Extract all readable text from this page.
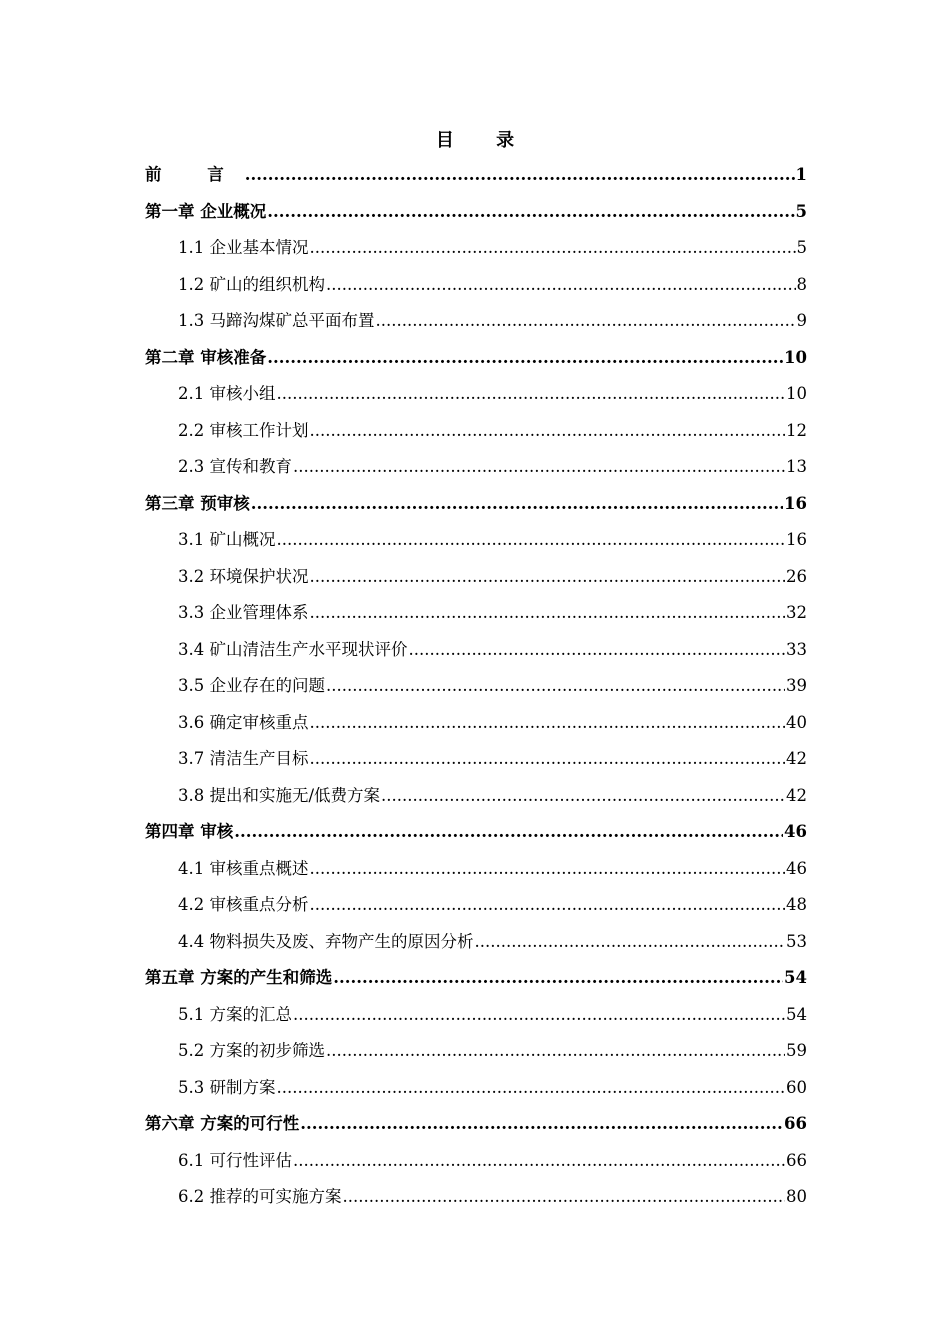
目 录
前 言 .....	1
第一章 企业概况 .....	5
1.1 企业基本情况 .....	5
1.2 矿山的组织机构 .....	8
1.3 马蹄沟煤矿总平面布置 .....	9
第二章 审核准备 .....	10
2.1 审核小组 .....	10
2.2 审核工作计划 .....	12
2.3 宣传和教育 .....	13
第三章 预审核 .....	16
3.1 矿山概况 .....	16
3.2 环境保护状况 .....	26
3.3 企业管理体系 .....	32
3.4 矿山清洁生产水平现状评价 .....	33
3.5 企业存在的问题 .....	39
3.6 确定审核重点 .....	40
3.7 清洁生产目标 .....	42
3.8 提出和实施无/低费方案 .....	42
第四章 审核 .....	46
4.1 审核重点概述 .....	46
4.2 审核重点分析 .....	48
4.4 物料损失及废、弃物产生的原因分析 .....	53
第五章 方案的产生和筛选 .....	54
5.1 方案的汇总 .....	54
5.2 方案的初步筛选 .....	59
5.3 研制方案 .....	60
第六章 方案的可行性 .....	66
6.1 可行性评估 .....	66
6.2 推荐的可实施方案 .....	80
